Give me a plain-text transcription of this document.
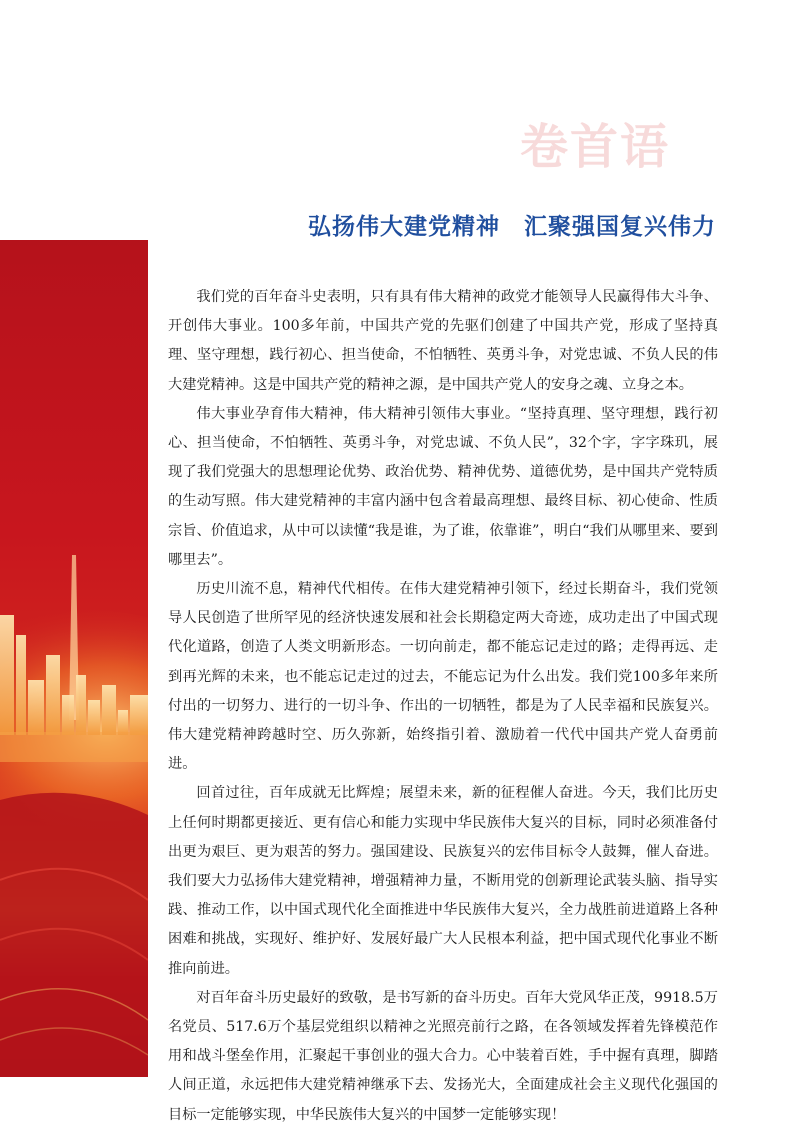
卷首语
弘扬伟大建党精神　汇聚强国复兴伟力

我们党的百年奋斗史表明，只有具有伟大精神的政党才能领导人民赢得伟大斗争、开创伟大事业。100多年前，中国共产党的先驱们创建了中国共产党，形成了坚持真理、坚守理想，践行初心、担当使命，不怕牺牲、英勇斗争，对党忠诚、不负人民的伟大建党精神。这是中国共产党的精神之源，是中国共产党人的安身之魂、立身之本。

伟大事业孕育伟大精神，伟大精神引领伟大事业。“坚持真理、坚守理想，践行初心、担当使命，不怕牺牲、英勇斗争，对党忠诚、不负人民”，32个字，字字珠玑，展现了我们党强大的思想理论优势、政治优势、精神优势、道德优势，是中国共产党特质的生动写照。伟大建党精神的丰富内涵中包含着最高理想、最终目标、初心使命、性质宗旨、价值追求，从中可以读懂“我是谁，为了谁，依靠谁”，明白“我们从哪里来、要到哪里去”。

历史川流不息，精神代代相传。在伟大建党精神引领下，经过长期奋斗，我们党领导人民创造了世所罕见的经济快速发展和社会长期稳定两大奇迹，成功走出了中国式现代化道路，创造了人类文明新形态。一切向前走，都不能忘记走过的路；走得再远、走到再光辉的未来，也不能忘记走过的过去，不能忘记为什么出发。我们党100多年来所付出的一切努力、进行的一切斗争、作出的一切牺牲，都是为了人民幸福和民族复兴。伟大建党精神跨越时空、历久弥新，始终指引着、激励着一代代中国共产党人奋勇前进。

回首过往，百年成就无比辉煌；展望未来，新的征程催人奋进。今天，我们比历史上任何时期都更接近、更有信心和能力实现中华民族伟大复兴的目标，同时必须准备付出更为艰巨、更为艰苦的努力。强国建设、民族复兴的宏伟目标令人鼓舞，催人奋进。我们要大力弘扬伟大建党精神，增强精神力量，不断用党的创新理论武装头脑、指导实践、推动工作，以中国式现代化全面推进中华民族伟大复兴，全力战胜前进道路上各种困难和挑战，实现好、维护好、发展好最广大人民根本利益，把中国式现代化事业不断推向前进。

对百年奋斗历史最好的致敬，是书写新的奋斗历史。百年大党风华正茂，9918.5万名党员、517.6万个基层党组织以精神之光照亮前行之路，在各领域发挥着先锋模范作用和战斗堡垒作用，汇聚起干事创业的强大合力。心中装着百姓，手中握有真理，脚踏人间正道，永远把伟大建党精神继承下去、发扬光大，全面建成社会主义现代化强国的目标一定能够实现，中华民族伟大复兴的中国梦一定能够实现！
